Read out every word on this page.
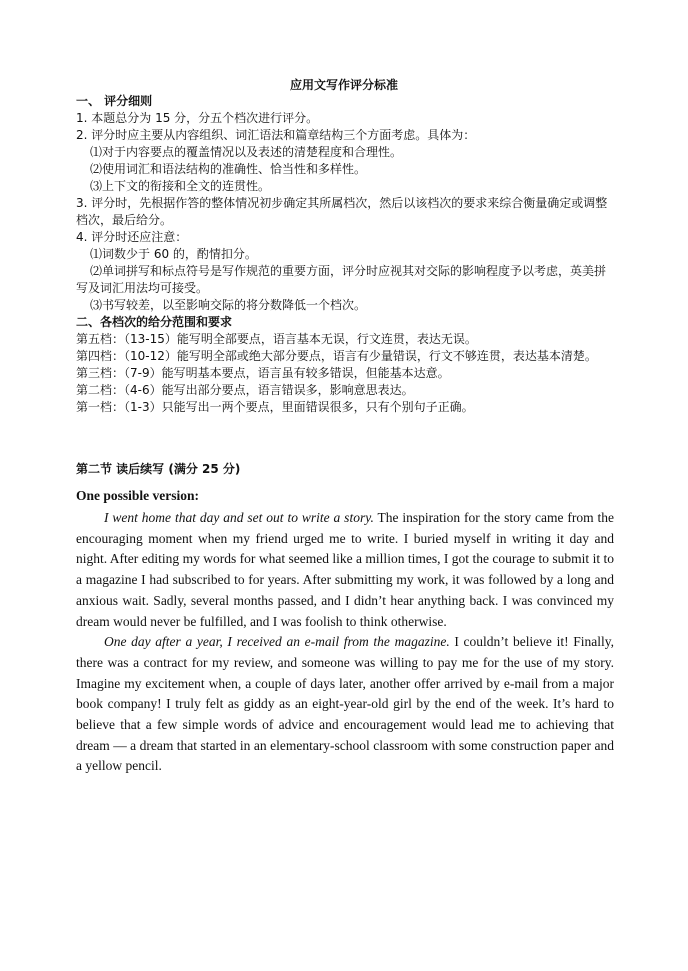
应用文写作评分标准
一、 评分细则
1. 本题总分为 15 分，分五个档次进行评分。
2. 评分时应主要从内容组织、词汇语法和篇章结构三个方面考虑。具体为：
⑴对于内容要点的覆盖情况以及表述的清楚程度和合理性。
⑵使用词汇和语法结构的准确性、恰当性和多样性。
⑶上下文的衔接和全文的连贯性。
3. 评分时，先根据作答的整体情况初步确定其所属档次，然后以该档次的要求来综合衡量确定或调整档次，最后给分。
4. 评分时还应注意：
⑴词数少于 60 的，酌情扣分。
⑵单词拼写和标点符号是写作规范的重要方面，评分时应视其对交际的影响程度予以考虑，英美拼写及词汇用法均可接受。
⑶书写较差，以至影响交际的将分数降低一个档次。
二、各档次的给分范围和要求
第五档：（13-15）能写明全部要点，语言基本无误，行文连贯，表达无误。
第四档：（10-12）能写明全部或绝大部分要点，语言有少量错误，行文不够连贯，表达基本清楚。
第三档：（7-9）能写明基本要点，语言虽有较多错误，但能基本达意。
第二档：（4-6）能写出部分要点，语言错误多，影响意思表达。
第一档：（1-3）只能写出一两个要点，里面错误很多，只有个别句子正确。
第二节 读后续写 (满分 25 分)
One possible version:

I went home that day and set out to write a story. The inspiration for the story came from the encouraging moment when my friend urged me to write. I buried myself in writing it day and night. After editing my words for what seemed like a million times, I got the courage to submit it to a magazine I had subscribed to for years. After submitting my work, it was followed by a long and anxious wait. Sadly, several months passed, and I didn’t hear anything back. I was convinced my dream would never be fulfilled, and I was foolish to think otherwise.

One day after a year, I received an e-mail from the magazine. I couldn’t believe it! Finally, there was a contract for my review, and someone was willing to pay me for the use of my story. Imagine my excitement when, a couple of days later, another offer arrived by e-mail from a major book company! I truly felt as giddy as an eight-year-old girl by the end of the week. It’s hard to believe that a few simple words of advice and encouragement would lead me to achieving that dream — a dream that started in an elementary-school classroom with some construction paper and a yellow pencil.
